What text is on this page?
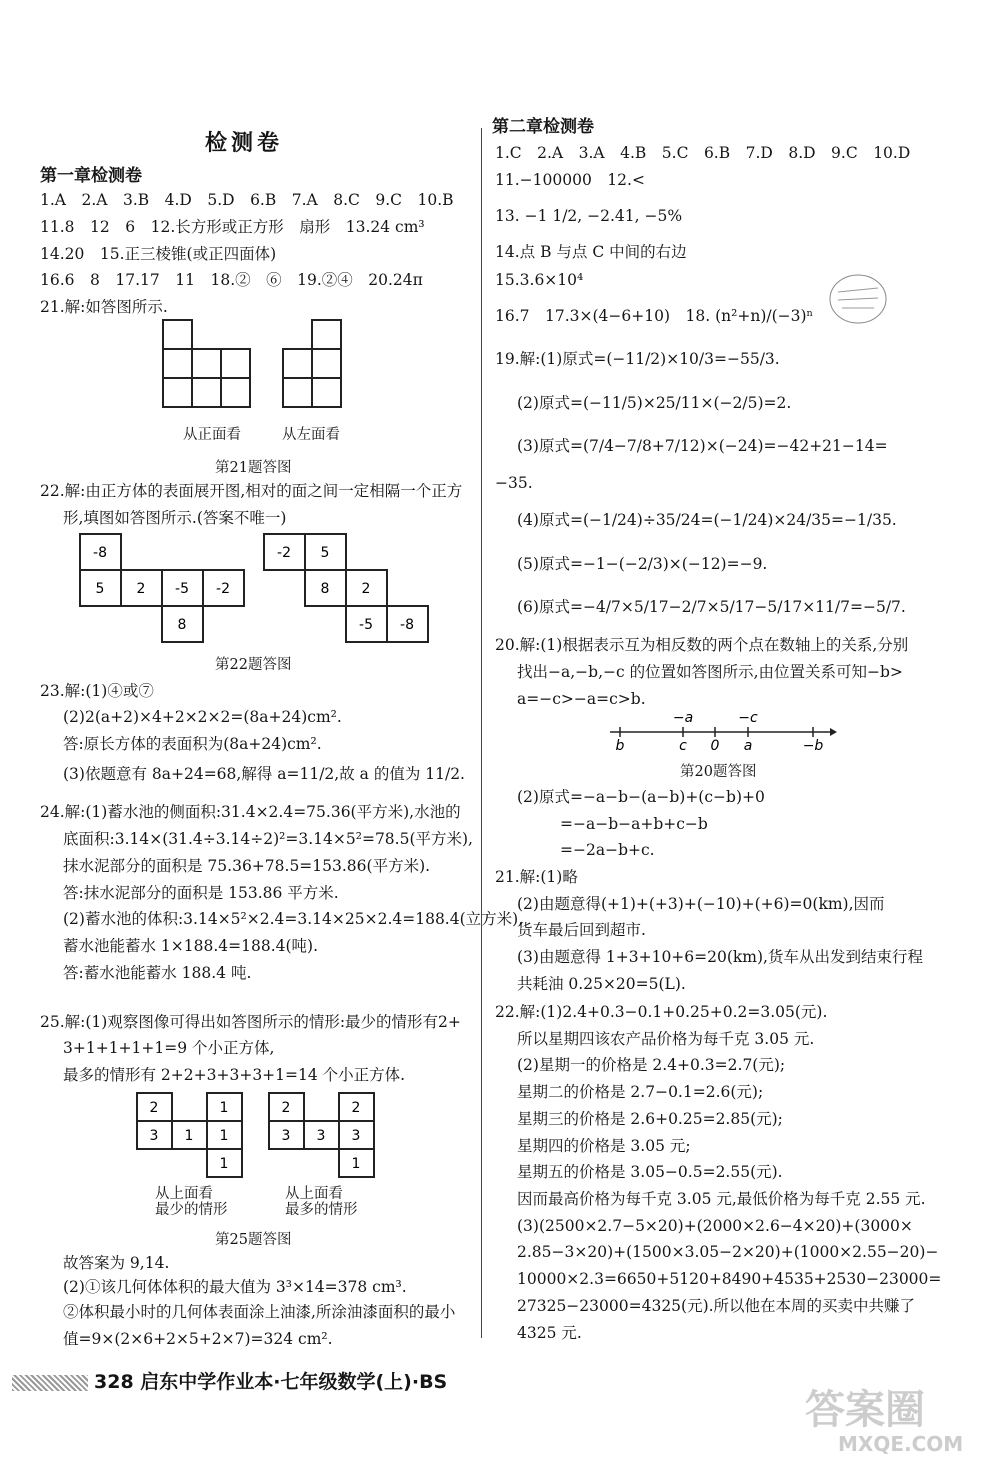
检测卷
第一章检测卷
1.A　2.A　3.B　4.D　5.D　6.B　7.A　8.C　9.C　10.B
11.8　12　6　12.长方形或正方形　扇形　13.24 cm³
14.20　15.正三棱锥(或正四面体)
16.6　8　17.17　11　18.②　⑥　19.②④　20.24π
21.解:如答图所示.
从正面看	从左面看
第21题答图
22.解:由正方体的表面展开图,相对的面之间一定相隔一个正方
形,填图如答图所示.(答案不唯一)
-8
5 2 -5 -2
8
-2 5
8 2
-5 -8
第22题答图
23.解:(1)④或⑦
(2)2(a+2)×4+2×2×2=(8a+24)cm².
答:原长方体的表面积为(8a+24)cm².
(3)依题意有 8a+24=68,解得 a=11/2,故 a 的值为 11/2.
24.解:(1)蓄水池的侧面积:31.4×2.4=75.36(平方米),水池的
底面积:3.14×(31.4÷3.14÷2)²=3.14×5²=78.5(平方米),
抹水泥部分的面积是 75.36+78.5=153.86(平方米).
答:抹水泥部分的面积是 153.86 平方米.
(2)蓄水池的体积:3.14×5²×2.4=3.14×25×2.4=188.4(立方米),
蓄水池能蓄水 1×188.4=188.4(吨).
答:蓄水池能蓄水 188.4 吨.
25.解:(1)观察图像可得出如答图所示的情形:最少的情形有2+
3+1+1+1+1=9 个小正方体,
最多的情形有 2+2+3+3+3+1=14 个小正方体.
2	1
3 1 1
1
2	2
3 3 3
1
从上面看
最少的情形
从上面看
最多的情形
第25题答图
故答案为 9,14.
(2)①该几何体体积的最大值为 3³×14=378 cm³.
②体积最小时的几何体表面涂上油漆,所涂油漆面积的最小
值=9×(2×6+2×5+2×7)=324 cm².
第二章检测卷
1.C　2.A　3.A　4.B　5.C　6.B　7.D　8.D　9.C　10.D
11.−100000　12.<
13. −1 1/2, −2.41, −5%
14.点 B 与点 C 中间的右边
15.3.6×10⁴
16.7　17.3×(4−6+10)　18. (n²+n)/(−3)ⁿ
19.解:(1)原式=(−11/2)×10/3=−55/3.
(2)原式=(−11/5)×25/11×(−2/5)=2.
(3)原式=(7/4−7/8+7/12)×(−24)=−42+21−14=
−35.
(4)原式=(−1/24)÷35/24=(−1/24)×24/35=−1/35.
(5)原式=−1−(−2/3)×(−12)=−9.
(6)原式=−4/7×5/17−2/7×5/17−5/17×11/7=−5/7.
20.解:(1)根据表示互为相反数的两个点在数轴上的关系,分别
找出−a,−b,−c 的位置如答图所示,由位置关系可知−b>
a=−c>−a=c>b.
−a	−c
b	c 0 a	−b
第20题答图
(2)原式=−a−b−(a−b)+(c−b)+0
=−a−b−a+b+c−b
=−2a−b+c.
21.解:(1)略
(2)由题意得(+1)+(+3)+(−10)+(+6)=0(km),因而
货车最后回到超市.
(3)由题意得 1+3+10+6=20(km),货车从出发到结束行程
共耗油 0.25×20=5(L).
22.解:(1)2.4+0.3−0.1+0.25+0.2=3.05(元).
所以星期四该农产品价格为每千克 3.05 元.
(2)星期一的价格是 2.4+0.3=2.7(元);
星期二的价格是 2.7−0.1=2.6(元);
星期三的价格是 2.6+0.25=2.85(元);
星期四的价格是 3.05 元;
星期五的价格是 3.05−0.5=2.55(元).
因而最高价格为每千克 3.05 元,最低价格为每千克 2.55 元.
(3)(2500×2.7−5×20)+(2000×2.6−4×20)+(3000×
2.85−3×20)+(1500×3.05−2×20)+(1000×2.55−20)−
10000×2.3=6650+5120+8490+4535+2530−23000=
27325−23000=4325(元).所以他在本周的买卖中共赚了
4325 元.
328 启东中学作业本·七年级数学(上)·BS
答案圈
MXQE.COM
